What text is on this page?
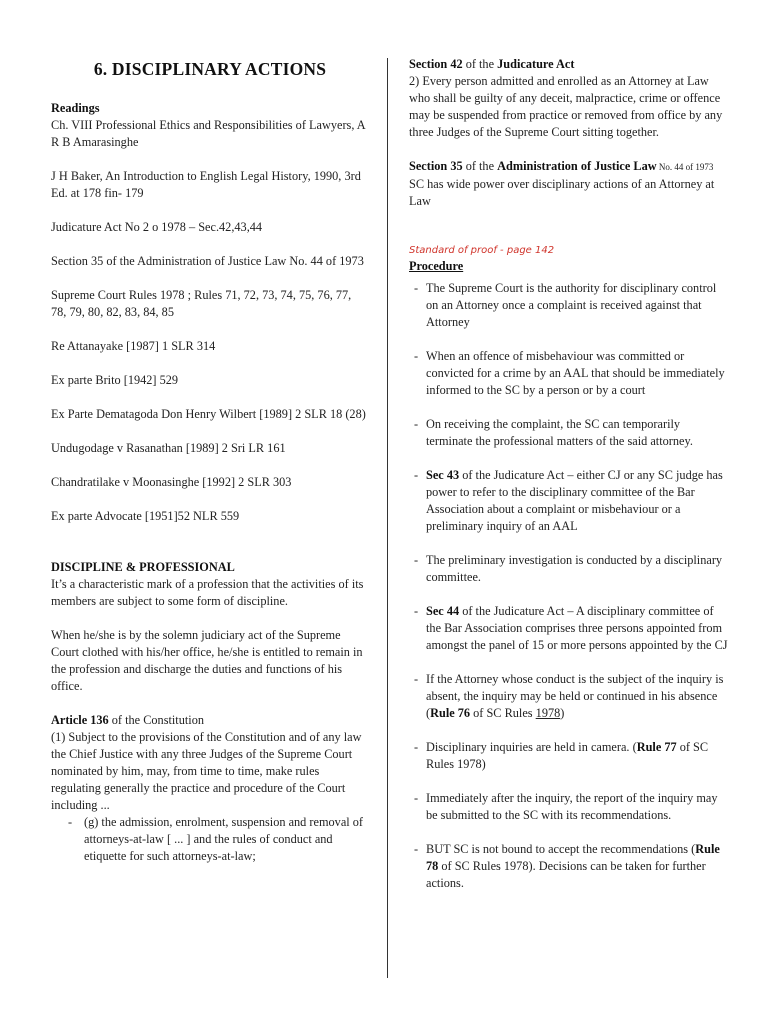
6. DISCIPLINARY ACTIONS

Readings

Ch. VIII Professional Ethics and Responsibilities of Lawyers, A R B Amarasinghe

J H Baker, An Introduction to English Legal History, 1990, 3rd Ed. at 178 fin- 179

Judicature Act No 2 o 1978 – Sec.42,43,44

Section 35 of the Administration of Justice Law No. 44 of 1973

Supreme Court Rules 1978 ; Rules 71, 72, 73, 74, 75, 76, 77, 78, 79, 80, 82, 83, 84, 85

Re Attanayake [1987] 1 SLR 314

Ex parte Brito [1942] 529

Ex Parte Dematagoda Don Henry Wilbert [1989] 2 SLR 18 (28)

Undugodage v Rasanathan [1989] 2 Sri LR 161

Chandratilake v Moonasinghe [1992] 2 SLR 303

Ex parte Advocate [1951]52 NLR 559

DISCIPLINE & PROFESSIONAL

It’s a characteristic mark of a profession that the activities of its members are subject to some form of discipline.

When he/she is by the solemn judiciary act of the Supreme Court clothed with his/her office, he/she is entitled to remain in the profession and discharge the duties and functions of his office.

Article 136 of the Constitution

(1) Subject to the provisions of the Constitution and of any law the Chief Justice with any three Judges of the Supreme Court nominated by him, may, from time to time, make rules regulating generally the practice and procedure of the Court including ...

- (g) the admission, enrolment, suspension and removal of attorneys-at-law [ ... ] and the rules of conduct and etiquette for such attorneys-at-law;

Section 42 of the Judicature Act

2) Every person admitted and enrolled as an Attorney at Law who shall be guilty of any deceit, malpractice, crime or offence may be suspended from practice or removed from office by any three Judges of the Supreme Court sitting together.

Section 35 of the Administration of Justice Law No. 44 of 1973

SC has wide power over disciplinary actions of an Attorney at Law

Standard of proof - page 142

Procedure

- The Supreme Court is the authority for disciplinary control on an Attorney once a complaint is received against that Attorney
- When an offence of misbehaviour was committed or convicted for a crime by an AAL that should be immediately informed to the SC by a person or by a court
- On receiving the complaint, the SC can temporarily terminate the professional matters of the said attorney.
- Sec 43 of the Judicature Act – either CJ or any SC judge has power to refer to the disciplinary committee of the Bar Association about a complaint or misbehaviour or a preliminary inquiry of an AAL
- The preliminary investigation is conducted by a disciplinary committee.
- Sec 44 of the Judicature Act – A disciplinary committee of the Bar Association comprises three persons appointed from amongst the panel of 15 or more persons appointed by the CJ
- If the Attorney whose conduct is the subject of the inquiry is absent, the inquiry may be held or continued in his absence (Rule 76 of SC Rules 1978)
- Disciplinary inquiries are held in camera. (Rule 77 of SC Rules 1978)
- Immediately after the inquiry, the report of the inquiry may be submitted to the SC with its recommendations.
- BUT SC is not bound to accept the recommendations (Rule 78 of SC Rules 1978). Decisions can be taken for further actions.
